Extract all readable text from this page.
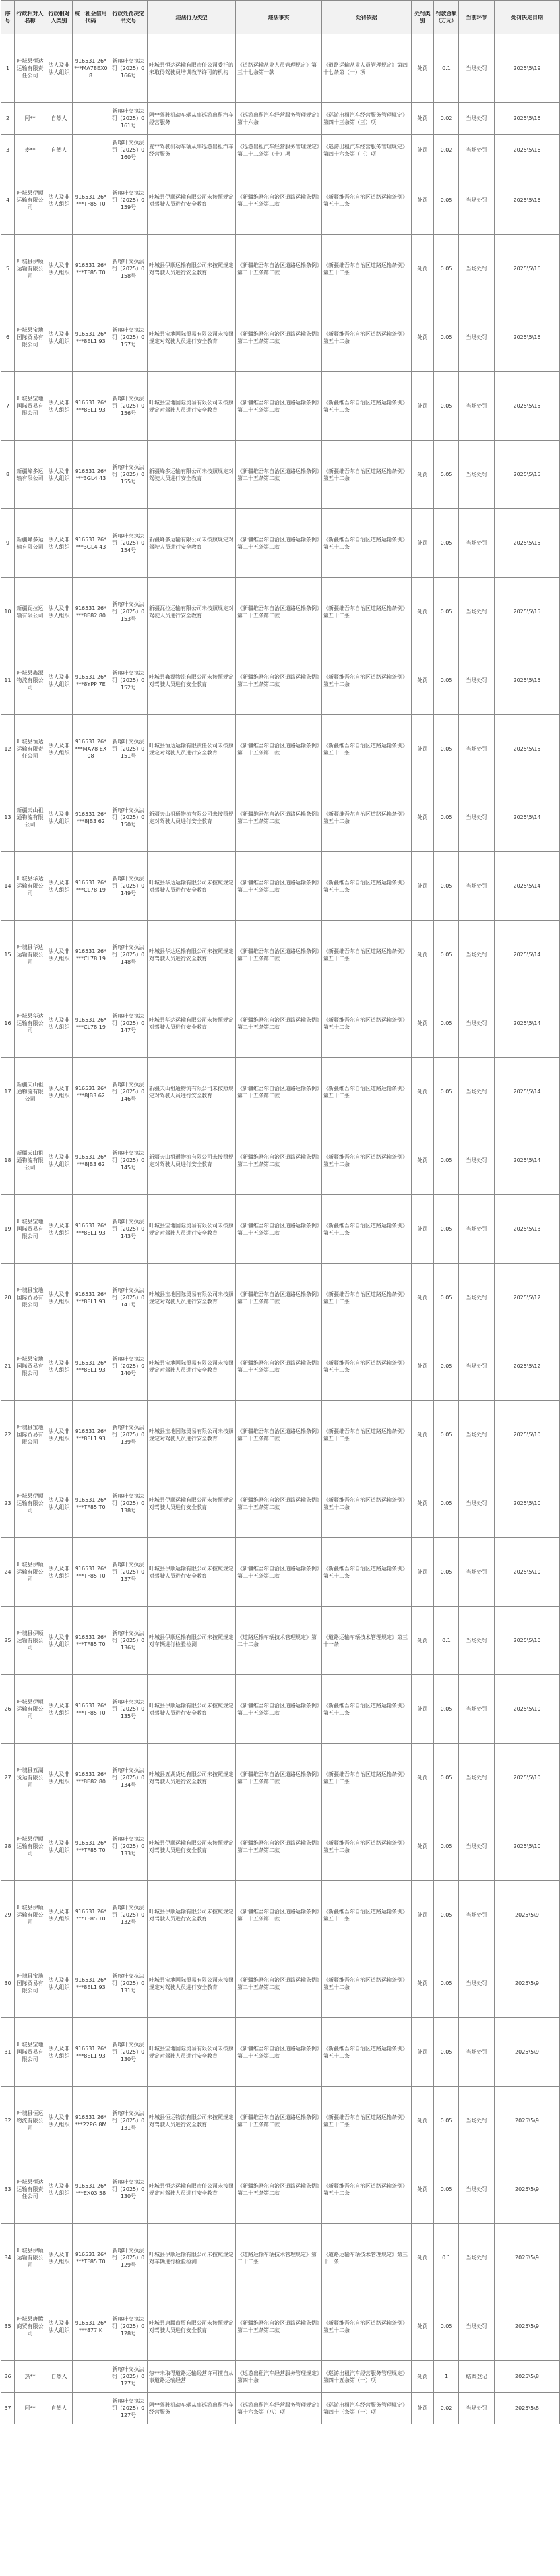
序号	行政相对人名称	行政相对人类别	统一社会信用代码	行政处罚决定书文号	违法行为类型	违法事实	处罚依据	处罚类别	罚款金额（万元）	当前环节	处罚决定日期
1	叶城县恒达运输有限责任公司	法人及非法人组织	916531 26****MA78EX08	新喀叶交执法罚（2025）0166号	叶城县恒达运输有限责任公司委托的未取得驾驶员培训教学许可的机构	《道路运输从业人员管理规定》第三十七条第一款	《道路运输从业人员管理规定》第四十七条第（一）项	处罚	0.1	当场处罚	2025\5\19
2	阿**	自然人		新喀叶交执法罚（2025）0161号	阿**驾驶机动车辆从事巡游出租汽车经营服务	《巡游出租汽车经营服务管理规定》第十六条	《巡游出租汽车经营服务管理规定》第四十三条第（三）项	处罚	0.02	当场处罚	2025\5\16
3	麦**	自然人		新喀叶交执法罚（2025）0160号	麦**驾驶机动车辆从事巡游出租汽车经营服务	《巡游出租汽车经营服务管理规定》第二十二条第（十）项	《巡游出租汽车经营服务管理规定》第四十六条第（三）项	处罚	0.02	当场处罚	2025\5\16
4	叶城县伊顺运输有限公司	法人及非法人组织	916531 26****TF85 T0	新喀叶交执法罚（2025）0159号	叶城县伊顺运输有限公司未按照规定对驾驶人员进行安全教育	《新疆维吾尔自治区道路运输条例》第二十五条第二款	《新疆维吾尔自治区道路运输条例》第五十二条	处罚	0.05	当场处罚	2025\5\16
5	叶城县伊顺运输有限公司	法人及非法人组织	916531 26****TF85 T0	新喀叶交执法罚（2025）0158号	叶城县伊顺运输有限公司未按照规定对驾驶人员进行安全教育	《新疆维吾尔自治区道路运输条例》第二十五条第二款	《新疆维吾尔自治区道路运输条例》第五十二条	处罚	0.05	当场处罚	2025\5\16
6	叶城县宝地国际贸易有限公司	法人及非法人组织	916531 26****8EL1 93	新喀叶交执法罚（2025）0157号	叶城县宝地国际贸易有限公司未按照规定对驾驶人员进行安全教育	《新疆维吾尔自治区道路运输条例》第二十五条第二款	《新疆维吾尔自治区道路运输条例》第五十二条	处罚	0.05	当场处罚	2025\5\16
7	叶城县宝地国际贸易有限公司	法人及非法人组织	916531 26****8EL1 93	新喀叶交执法罚（2025）0156号	叶城县宝地国际贸易有限公司未按照规定对驾驶人员进行安全教育	《新疆维吾尔自治区道路运输条例》第二十五条第二款	《新疆维吾尔自治区道路运输条例》第五十二条	处罚	0.05	当场处罚	2025\5\15
8	新疆峰多运输有限公司	法人及非法人组织	916531 26****3GL4 43	新喀叶交执法罚（2025）0155号	新疆峰多运输有限公司未按照规定对驾驶人员进行安全教育	《新疆维吾尔自治区道路运输条例》第二十五条第二款	《新疆维吾尔自治区道路运输条例》第五十二条	处罚	0.05	当场处罚	2025\5\15
9	新疆峰多运输有限公司	法人及非法人组织	916531 26****3GL4 43	新喀叶交执法罚（2025）0154号	新疆峰多运输有限公司未按照规定对驾驶人员进行安全教育	《新疆维吾尔自治区道路运输条例》第二十五条第二款	《新疆维吾尔自治区道路运输条例》第五十二条	处罚	0.05	当场处罚	2025\5\15
10	新疆瓦拉运输有限公司	法人及非法人组织	916531 26****8E82 80	新喀叶交执法罚（2025）0153号	新疆瓦拉运输有限公司未按照规定对驾驶人员进行安全教育	《新疆维吾尔自治区道路运输条例》第二十五条第二款	《新疆维吾尔自治区道路运输条例》第五十二条	处罚	0.05	当场处罚	2025\5\15
11	叶城县鑫源物流有限公司	法人及非法人组织	916531 26****8YPP 7E	新喀叶交执法罚（2025）0152号	叶城县鑫源物流有限公司未按照规定对驾驶人员进行安全教育	《新疆维吾尔自治区道路运输条例》第二十五条第二款	《新疆维吾尔自治区道路运输条例》第五十二条	处罚	0.05	当场处罚	2025\5\15
12	叶城县恒达运输有限责任公司	法人及非法人组织	916531 26****MA78 EX08	新喀叶交执法罚（2025）0151号	叶城县恒达运输有限责任公司未按照规定对驾驶人员进行安全教育	《新疆维吾尔自治区道路运输条例》第二十五条第二款	《新疆维吾尔自治区道路运输条例》第五十二条	处罚	0.05	当场处罚	2025\5\15
13	新疆天山祖通物流有限公司	法人及非法人组织	916531 26****8JB3 62	新喀叶交执法罚（2025）0150号	新疆天山祖通物流有限公司未按照规定对驾驶人员进行安全教育	《新疆维吾尔自治区道路运输条例》第二十五条第二款	《新疆维吾尔自治区道路运输条例》第五十二条	处罚	0.05	当场处罚	2025\5\14
14	叶城县华达运输有限公司	法人及非法人组织	916531 26****CL78 19	新喀叶交执法罚（2025）0149号	叶城县华达运输有限公司未按照规定对驾驶人员进行安全教育	《新疆维吾尔自治区道路运输条例》第二十五条第二款	《新疆维吾尔自治区道路运输条例》第五十二条	处罚	0.05	当场处罚	2025\5\14
15	叶城县华达运输有限公司	法人及非法人组织	916531 26****CL78 19	新喀叶交执法罚（2025）0148号	叶城县华达运输有限公司未按照规定对驾驶人员进行安全教育	《新疆维吾尔自治区道路运输条例》第二十五条第二款	《新疆维吾尔自治区道路运输条例》第五十二条	处罚	0.05	当场处罚	2025\5\14
16	叶城县华达运输有限公司	法人及非法人组织	916531 26****CL78 19	新喀叶交执法罚（2025）0147号	叶城县华达运输有限公司未按照规定对驾驶人员进行安全教育	《新疆维吾尔自治区道路运输条例》第二十五条第二款	《新疆维吾尔自治区道路运输条例》第五十二条	处罚	0.05	当场处罚	2025\5\14
17	新疆天山祖通物流有限公司	法人及非法人组织	916531 26****8JB3 62	新喀叶交执法罚（2025）0146号	新疆天山祖通物流有限公司未按照规定对驾驶人员进行安全教育	《新疆维吾尔自治区道路运输条例》第二十五条第二款	《新疆维吾尔自治区道路运输条例》第五十二条	处罚	0.05	当场处罚	2025\5\14
18	新疆天山祖通物流有限公司	法人及非法人组织	916531 26****8JB3 62	新喀叶交执法罚（2025）0145号	新疆天山祖通物流有限公司未按照规定对驾驶人员进行安全教育	《新疆维吾尔自治区道路运输条例》第二十五条第二款	《新疆维吾尔自治区道路运输条例》第五十二条	处罚	0.05	当场处罚	2025\5\14
19	叶城县宝地国际贸易有限公司	法人及非法人组织	916531 26****8EL1 93	新喀叶交执法罚（2025）0143号	叶城县宝地国际贸易有限公司未按照规定对驾驶人员进行安全教育	《新疆维吾尔自治区道路运输条例》第二十五条第二款	《新疆维吾尔自治区道路运输条例》第五十二条	处罚	0.05	当场处罚	2025\5\13
20	叶城县宝地国际贸易有限公司	法人及非法人组织	916531 26****8EL1 93	新喀叶交执法罚（2025）0141号	叶城县宝地国际贸易有限公司未按照规定对驾驶人员进行安全教育	《新疆维吾尔自治区道路运输条例》第二十五条第二款	《新疆维吾尔自治区道路运输条例》第五十二条	处罚	0.05	当场处罚	2025\5\12
21	叶城县宝地国际贸易有限公司	法人及非法人组织	916531 26****8EL1 93	新喀叶交执法罚（2025）0140号	叶城县宝地国际贸易有限公司未按照规定对驾驶人员进行安全教育	《新疆维吾尔自治区道路运输条例》第二十五条第二款	《新疆维吾尔自治区道路运输条例》第五十二条	处罚	0.05	当场处罚	2025\5\12
22	叶城县宝地国际贸易有限公司	法人及非法人组织	916531 26****8EL1 93	新喀叶交执法罚（2025）0139号	叶城县宝地国际贸易有限公司未按照规定对驾驶人员进行安全教育	《新疆维吾尔自治区道路运输条例》第二十五条第二款	《新疆维吾尔自治区道路运输条例》第五十二条	处罚	0.05	当场处罚	2025\5\10
23	叶城县伊顺运输有限公司	法人及非法人组织	916531 26****TF85 T0	新喀叶交执法罚（2025）0138号	叶城县伊顺运输有限公司未按照规定对驾驶人员进行安全教育	《新疆维吾尔自治区道路运输条例》第二十五条第二款	《新疆维吾尔自治区道路运输条例》第五十二条	处罚	0.05	当场处罚	2025\5\10
24	叶城县伊顺运输有限公司	法人及非法人组织	916531 26****TF85 T0	新喀叶交执法罚（2025）0137号	叶城县伊顺运输有限公司未按照规定对驾驶人员进行安全教育	《新疆维吾尔自治区道路运输条例》第二十五条第二款	《新疆维吾尔自治区道路运输条例》第五十二条	处罚	0.05	当场处罚	2025\5\10
25	叶城县伊顺运输有限公司	法人及非法人组织	916531 26****TF85 T0	新喀叶交执法罚（2025）0136号	叶城县伊顺运输有限公司未按照规定对车辆进行检验检测	《道路运输车辆技术管理规定》第二十二条	《道路运输车辆技术管理规定》第三十一条	处罚	0.1	当场处罚	2025\5\10
26	叶城县伊顺运输有限公司	法人及非法人组织	916531 26****TF85 T0	新喀叶交执法罚（2025）0135号	叶城县伊顺运输有限公司未按照规定对驾驶人员进行安全教育	《新疆维吾尔自治区道路运输条例》第二十五条第二款	《新疆维吾尔自治区道路运输条例》第五十二条	处罚	0.05	当场处罚	2025\5\10
27	叶城县五湖货运有限公司	法人及非法人组织	916531 26****8E82 80	新喀叶交执法罚（2025）0134号	叶城县五湖货运有限公司未按照规定对驾驶人员进行安全教育	《新疆维吾尔自治区道路运输条例》第二十五条第二款	《新疆维吾尔自治区道路运输条例》第五十二条	处罚	0.05	当场处罚	2025\5\10
28	叶城县伊顺运输有限公司	法人及非法人组织	916531 26****TF85 T0	新喀叶交执法罚（2025）0133号	叶城县伊顺运输有限公司未按照规定对驾驶人员进行安全教育	《新疆维吾尔自治区道路运输条例》第二十五条第二款	《新疆维吾尔自治区道路运输条例》第五十二条	处罚	0.05	当场处罚	2025\5\10
29	叶城县伊顺运输有限公司	法人及非法人组织	916531 26****TF85 T0	新喀叶交执法罚（2025）0132号	叶城县伊顺运输有限公司未按照规定对驾驶人员进行安全教育	《新疆维吾尔自治区道路运输条例》第二十五条第二款	《新疆维吾尔自治区道路运输条例》第五十二条	处罚	0.05	当场处罚	2025\5\9
30	叶城县宝地国际贸易有限公司	法人及非法人组织	916531 26****8EL1 93	新喀叶交执法罚（2025）0131号	叶城县宝地国际贸易有限公司未按照规定对驾驶人员进行安全教育	《新疆维吾尔自治区道路运输条例》第二十五条第二款	《新疆维吾尔自治区道路运输条例》第五十二条	处罚	0.05	当场处罚	2025\5\9
31	叶城县宝地国际贸易有限公司	法人及非法人组织	916531 26****8EL1 93	新喀叶交执法罚（2025）0130号	叶城县宝地国际贸易有限公司未按照规定对驾驶人员进行安全教育	《新疆维吾尔自治区道路运输条例》第二十五条第二款	《新疆维吾尔自治区道路运输条例》第五十二条	处罚	0.05	当场处罚	2025\5\9
32	叶城县恒运物流有限公司	法人及非法人组织	916531 26****22PG 8M	新喀叶交执法罚（2025）0131号	叶城县恒运物流有限公司未按照规定对驾驶人员进行安全教育	《新疆维吾尔自治区道路运输条例》第二十五条第二款	《新疆维吾尔自治区道路运输条例》第五十二条	处罚	0.05	当场处罚	2025\5\9
33	叶城县恒达运输有限责任公司	法人及非法人组织	916531 26****EX03 58	新喀叶交执法罚（2025）0130号	叶城县恒达运输有限责任公司未按照规定对驾驶人员进行安全教育	《新疆维吾尔自治区道路运输条例》第二十五条第二款	《新疆维吾尔自治区道路运输条例》第五十二条	处罚	0.05	当场处罚	2025\5\9
34	叶城县伊顺运输有限公司	法人及非法人组织	916531 26****TF85 T0	新喀叶交执法罚（2025）0129号	叶城县伊顺运输有限公司未按照规定对车辆进行检验检测	《道路运输车辆技术管理规定》第二十二条	《道路运输车辆技术管理规定》第三十一条	处罚	0.1	当场处罚	2025\5\9
35	叶城县唐腾商贸有限公司	法人及非法人组织	916531 26****877 K	新喀叶交执法罚（2025）0128号	叶城县唐腾商贸有限公司未按照规定对驾驶人员进行安全教育	《新疆维吾尔自治区道路运输条例》第二十五条第二款	《新疆维吾尔自治区道路运输条例》第五十二条	处罚	0.05	当场处罚	2025\5\9
36	热**	自然人		新喀叶交执法罚（2025）0127号	热**未取得道路运输经营许可擅自从事道路运输经营	《巡游出租汽车经营服务管理规定》第四十条	《巡游出租汽车经营服务管理规定》第四十五条第（一）项	处罚	1	结案登记	2025\5\8
37	阿**	自然人		新喀叶交执法罚（2025）0127号	阿**驾驶机动车辆从事巡游出租汽车经营服务	《巡游出租汽车经营服务管理规定》第十六条第（八）项	《巡游出租汽车经营服务管理规定》第四十三条第（一）项	处罚	0.02	当场处罚	2025\5\8
